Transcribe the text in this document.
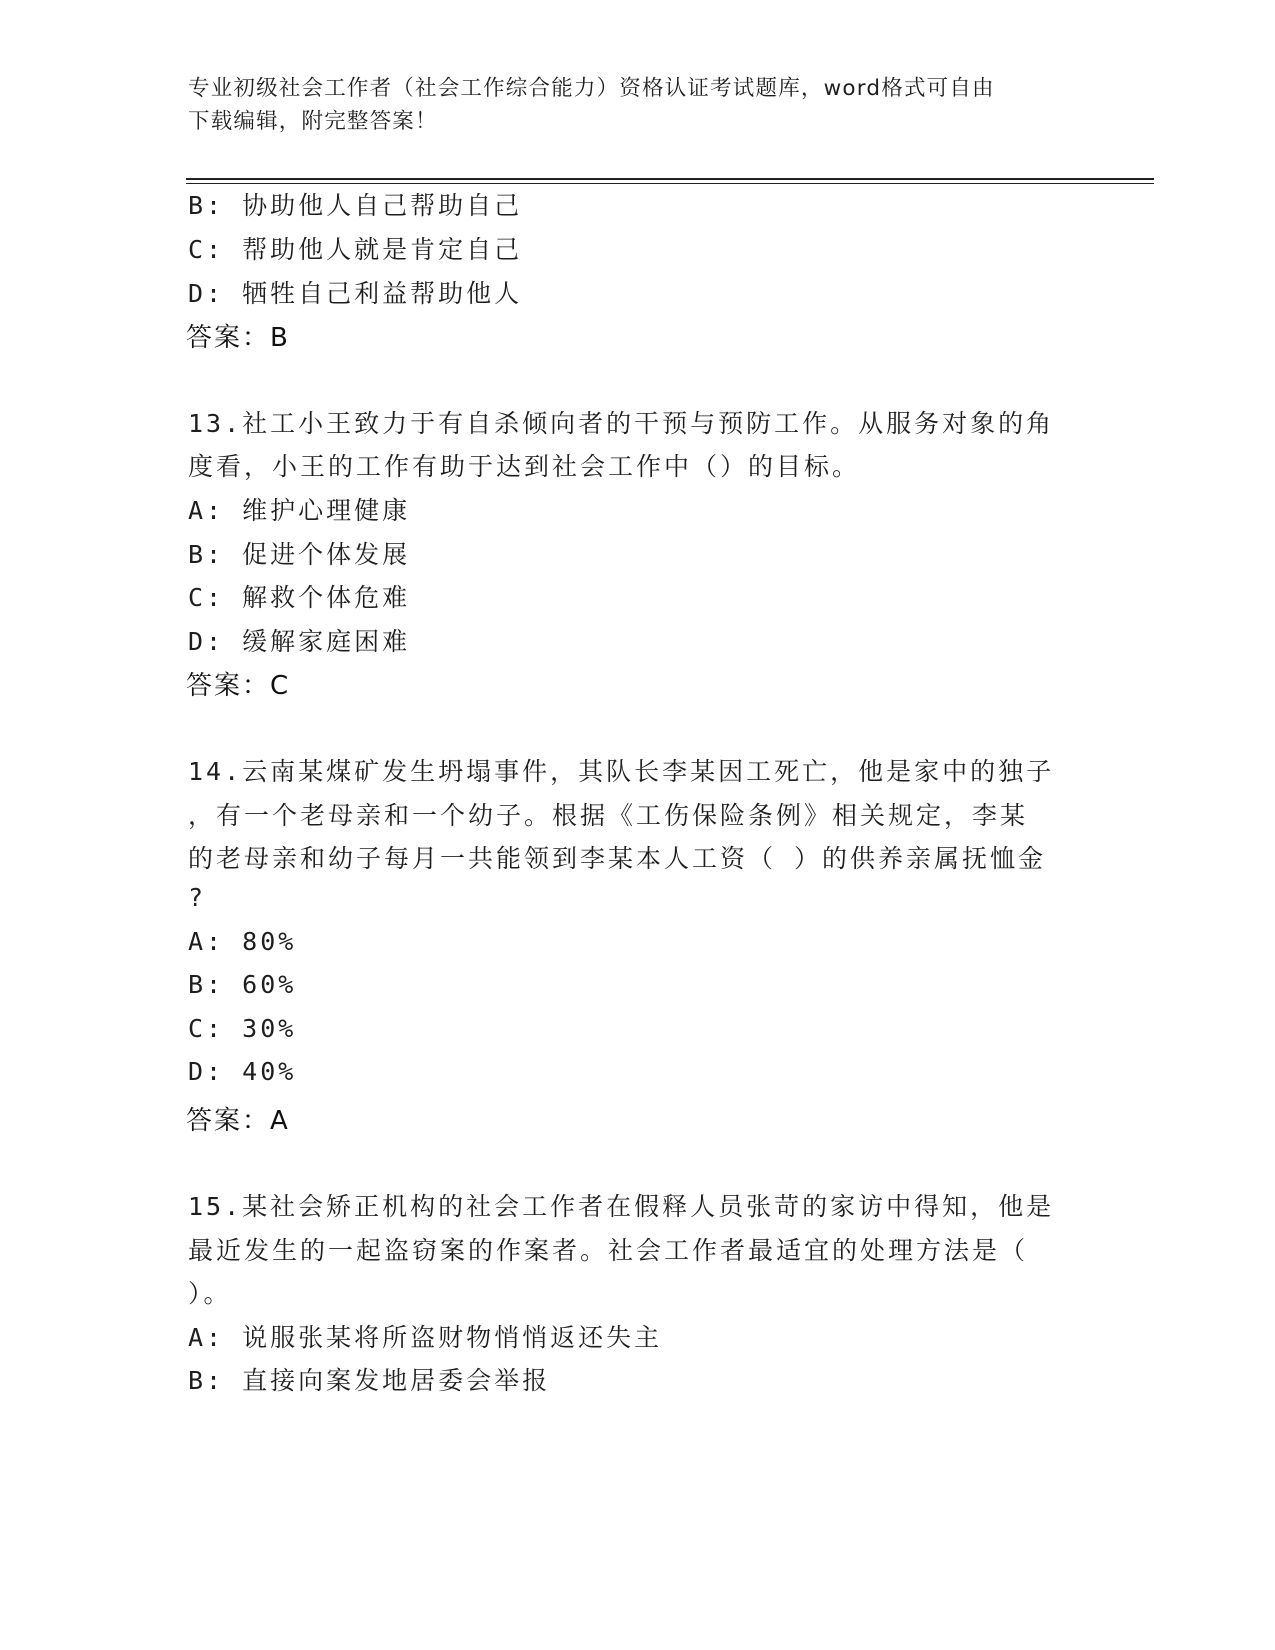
专业初级社会工作者（社会工作综合能力）资格认证考试题库，word格式可自由
下载编辑，附完整答案！
B: 协助他人自己帮助自己
C: 帮助他人就是肯定自己
D: 牺牲自己利益帮助他人
答案：B
13.社工小王致力于有自杀倾向者的干预与预防工作。从服务对象的角
度看，小王的工作有助于达到社会工作中（）的目标。
A: 维护心理健康
B: 促进个体发展
C: 解救个体危难
D: 缓解家庭困难
答案：C
14.云南某煤矿发生坍塌事件，其队长李某因工死亡，他是家中的独子
，有一个老母亲和一个幼子。根据《工伤保险条例》相关规定，李某
的老母亲和幼子每月一共能领到李某本人工资（ ）的供养亲属抚恤金
?
A: 80%
B: 60%
C: 30%
D: 40%
答案：A
15.某社会矫正机构的社会工作者在假释人员张苛的家访中得知，他是
最近发生的一起盗窃案的作案者。社会工作者最适宜的处理方法是（
）。
A: 说服张某将所盗财物悄悄返还失主
B: 直接向案发地居委会举报
